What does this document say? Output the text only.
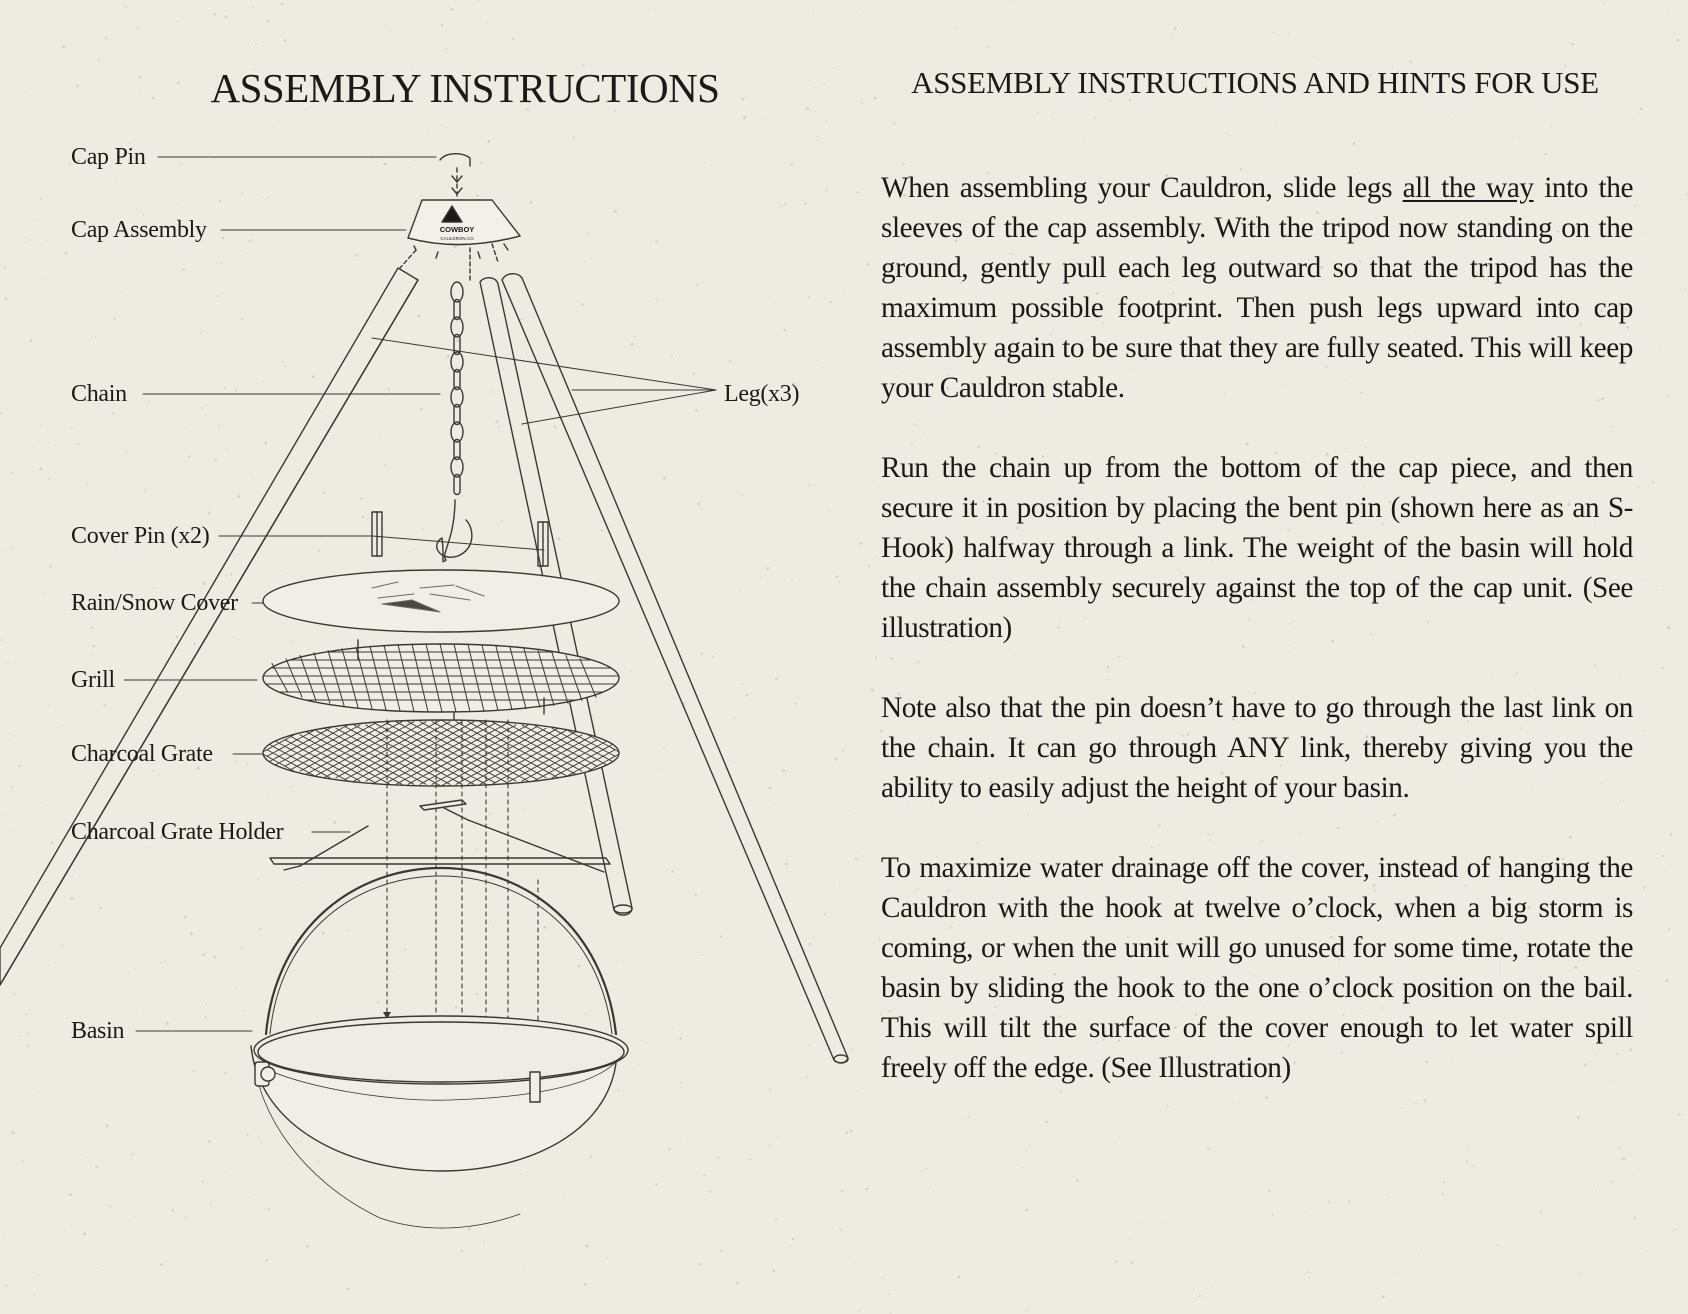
ASSEMBLY INSTRUCTIONS	ASSEMBLY INSTRUCTIONS AND HINTS FOR USE
COWBOY
CAULDRON CO
Cap Pin
Cap Assembly
Chain	Leg(x3)
Cover Pin (x2)
Rain/Snow Cover
Grill
Charcoal Grate
Charcoal Grate Holder
Basin

When assembling your Cauldron, slide legs all the way into the sleeves of the cap assembly. With the tripod now standing on the ground, gently pull each leg outward so that the tripod has the maximum possible footprint. Then push legs upward into cap assembly again to be sure that they are fully seated. This will keep your Cauldron stable.

Run the chain up from the bottom of the cap piece, and then secure it in position by placing the bent pin (shown here as an S-Hook) halfway through a link. The weight of the basin will hold the chain assembly securely against the top of the cap unit. (See illustration)

Note also that the pin doesn’t have to go through the last link on the chain. It can go through ANY link, thereby giving you the ability to easily adjust the height of your basin.

To maximize water drainage off the cover, instead of hanging the Cauldron with the hook at twelve o’clock, when a big storm is coming, or when the unit will go unused for some time, rotate the basin by sliding the hook to the one o’clock position on the bail. This will tilt the surface of the cover enough to let water spill freely off the edge. (See Illustration)
